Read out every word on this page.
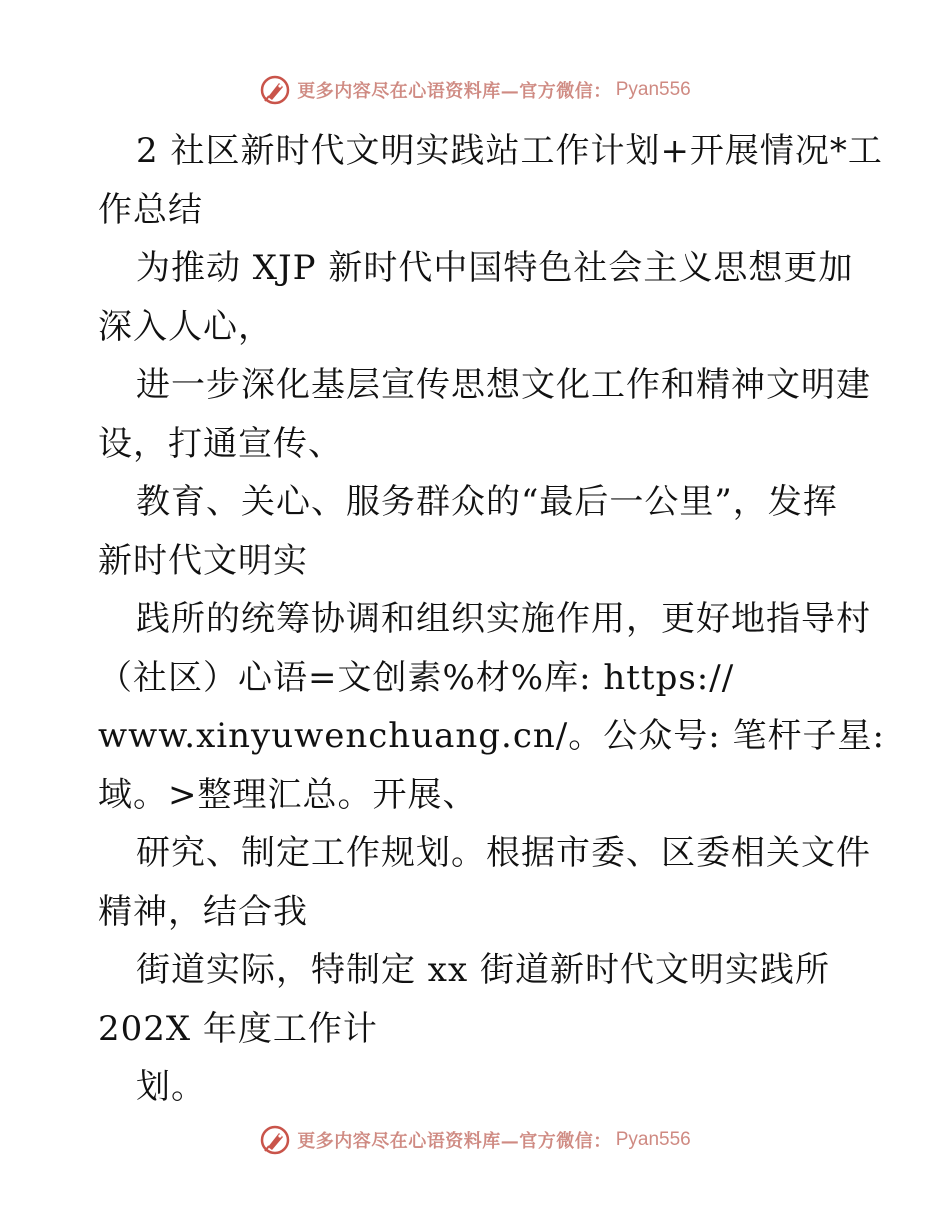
更多内容尽在心语资料库—官方微信： Pyan556
2 社区新时代文明实践站工作计划+开展情况*工
作总结
为推动 XJP 新时代中国特色社会主义思想更加
深入人心，
进一步深化基层宣传思想文化工作和精神文明建
设，打通宣传、
教育、关心、服务群众的“最后一公里”，发挥
新时代文明实
践所的统筹协调和组织实施作用，更好地指导村
（社区）心语=文创素%材%库: https://
www.xinyuwenchuang.cn/。公众号: 笔杆子星:
域。>整理汇总。开展、
研究、制定工作规划。根据市委、区委相关文件
精神，结合我
街道实际，特制定 xx 街道新时代文明实践所
202X 年度工作计
划。
更多内容尽在心语资料库—官方微信： Pyan556
